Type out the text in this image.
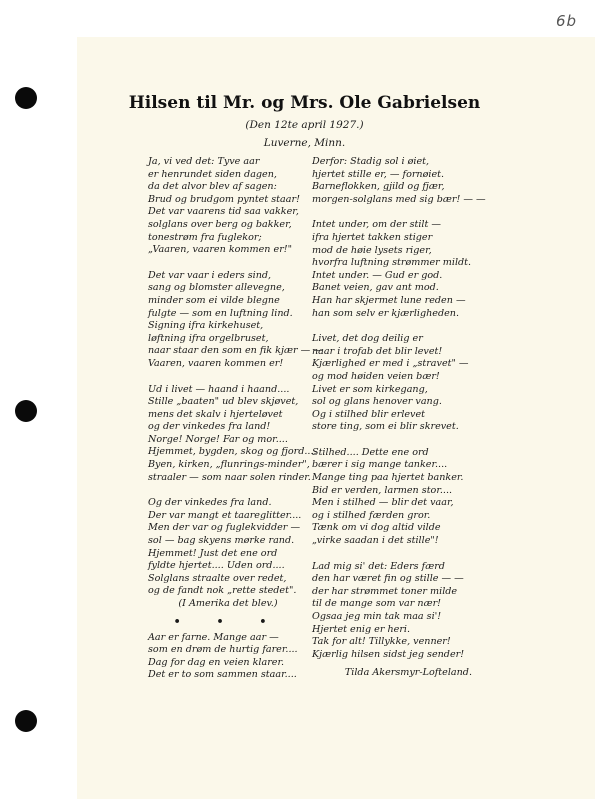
6b
Hilsen til Mr. og Mrs. Ole Gabrielsen
(Den 12te april 1927.)
Luverne, Minn.
Ja, vi ved det: Tyve aar
er henrundet siden dagen,
da det alvor blev af sagen:
Brud og brudgom pyntet staar!
Det var vaarens tid saa vakker,
solglans over berg og bakker,
tonestrøm fra fuglekor;
„Vaaren, vaaren kommen er!"
Det var vaar i eders sind,
sang og blomster allevegne,
minder som ei vilde blegne
fulgte — som en luftning lind.
Signing ifra kirkehuset,
løftning ifra orgelbruset,
naar staar den som en fik kjær — —
Vaaren, vaaren kommen er!
Ud i livet — haand i haand....
Stille „baaten" ud blev skjøvet,
mens det skalv i hjerteløvet
og der vinkedes fra land!
Norge! Norge! Far og mor....
Hjemmet, bygden, skog og fjord....
Byen, kirken, „flunrings-minder",
straaler — som naar solen rinder.
Og der vinkedes fra land.
Der var mangt et taareglitter....
Men der var og fuglekvidder —
sol — bag skyens mørke rand.
Hjemmet! Just det ene ord
fyldte hjertet.... Uden ord....
Solglans straalte over redet,
og de fandt nok „rette stedet".
(I Amerika det blev.)
• • •
Aar er farne. Mange aar —
som en drøm de hurtig farer....
Dag for dag en veien klarer.
Det er to som sammen staar....
Derfor: Stadig sol i øiet,
hjertet stille er, — fornøiet.
Barneflokken, gjild og fjær,
morgen-solglans med sig bær! — —
Intet under, om der stilt —
ifra hjertet takken stiger
mod de høie lysets riger,
hvorfra luftning strømmer mildt.
Intet under. — Gud er god.
Banet veien, gav ant mod.
Han har skjermet lune reden —
han som selv er kjærligheden.
Livet, det dog deilig er
naar i trofab det blir levet!
Kjærlighed er med i „stravet" —
og mod høiden veien bær!
Livet er som kirkegang,
sol og glans henover vang.
Og i stilhed blir erlevet
store ting, som ei blir skrevet.
Stilhed.... Dette ene ord
bærer i sig mange tanker....
Mange ting paa hjertet banker.
Bid er verden, larmen stor....
Men i stilhed — blir det vaar,
og i stilhed færden gror.
Tænk om vi dog altid vilde
„virke saadan i det stille"!
Lad mig si' det: Eders færd
den har været fin og stille — —
der har strømmet toner milde
til de mange som var nær!
Ogsaa jeg min tak maa si'!
Hjertet enig er heri.
Tak for alt! Tillykke, venner!
Kjærlig hilsen sidst jeg sender!
Tilda Akersmyr-Lofteland.
